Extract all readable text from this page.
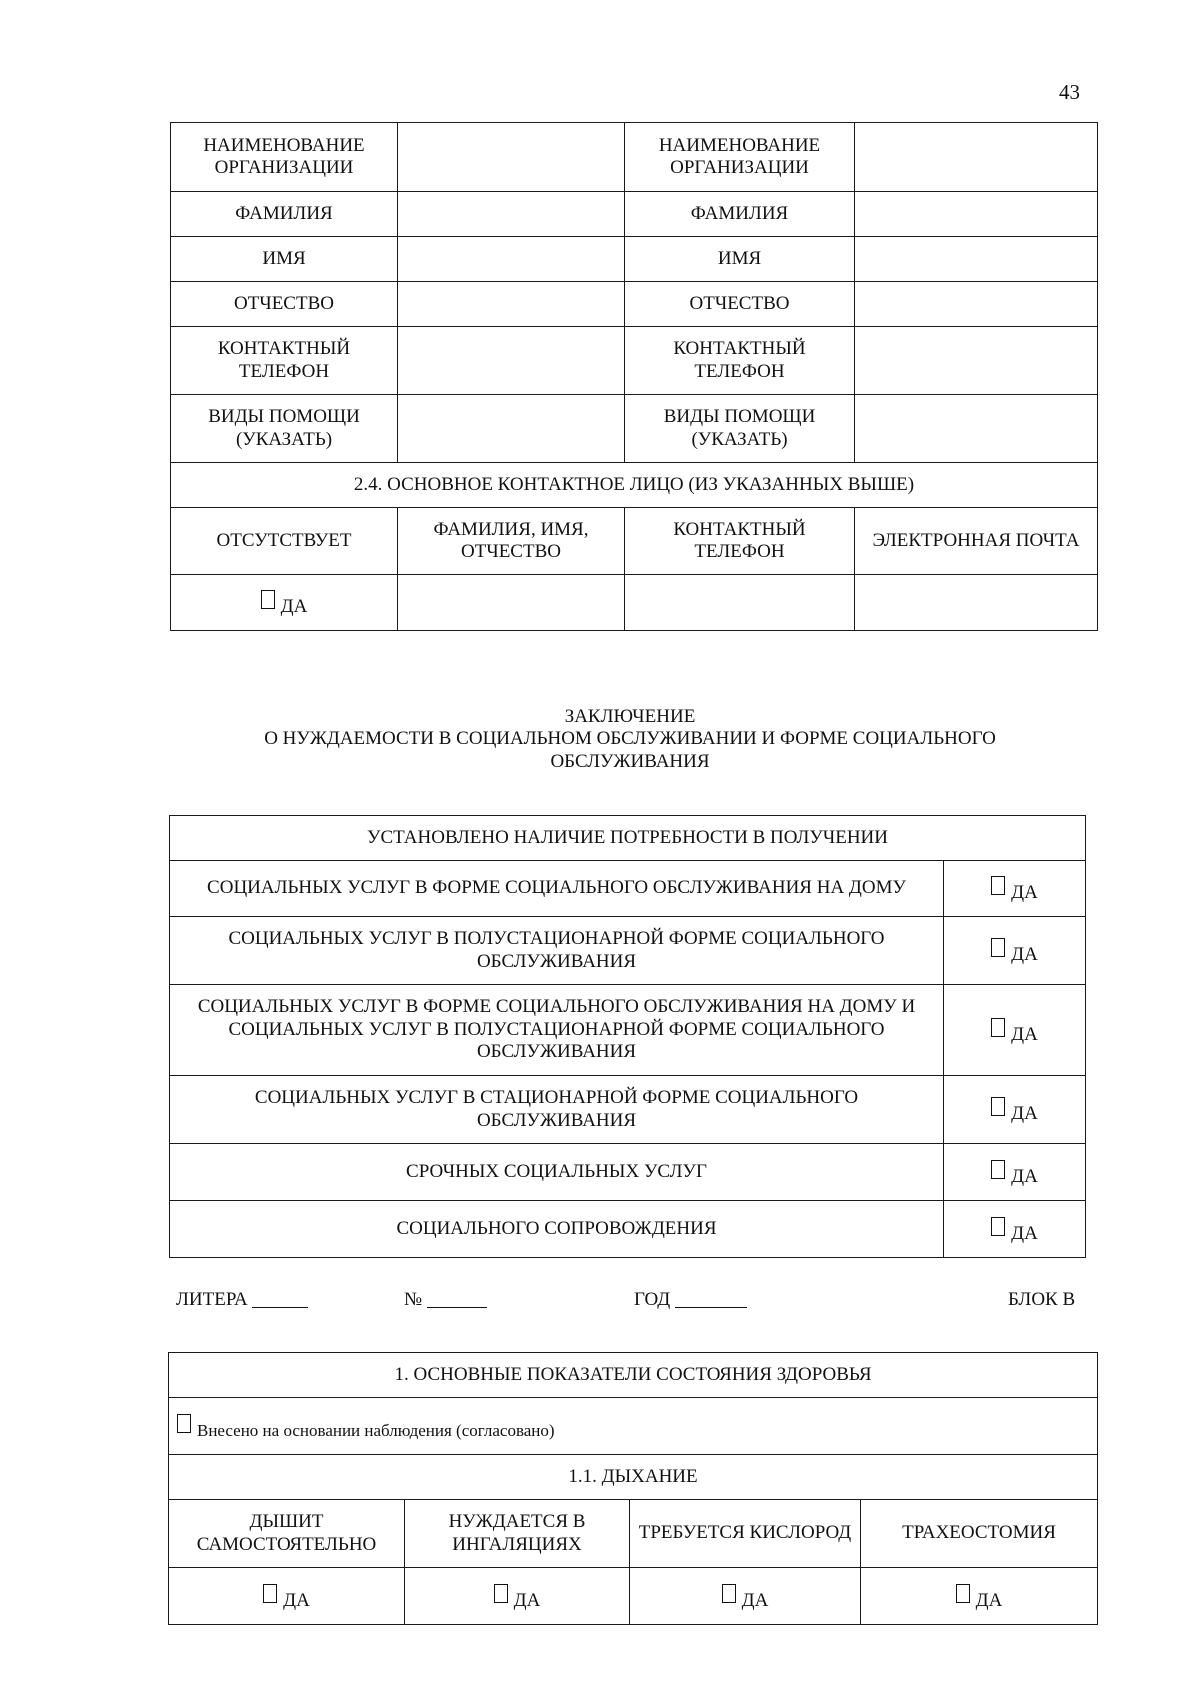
43
НАИМЕНОВАНИЕ ОРГАНИЗАЦИИ		НАИМЕНОВАНИЕ ОРГАНИЗАЦИИ	
ФАМИЛИЯ		ФАМИЛИЯ	
ИМЯ		ИМЯ	
ОТЧЕСТВО		ОТЧЕСТВО	
КОНТАКТНЫЙ ТЕЛЕФОН		КОНТАКТНЫЙ ТЕЛЕФОН	
ВИДЫ ПОМОЩИ (УКАЗАТЬ)		ВИДЫ ПОМОЩИ (УКАЗАТЬ)	
2.4. ОСНОВНОЕ КОНТАКТНОЕ ЛИЦО (ИЗ УКАЗАННЫХ ВЫШЕ)			
ОТСУТСТВУЕТ	ФАМИЛИЯ, ИМЯ, ОТЧЕСТВО	КОНТАКТНЫЙ ТЕЛЕФОН	ЭЛЕКТРОННАЯ ПОЧТА
ДА			
ЗАКЛЮЧЕНИЕ
О НУЖДАЕМОСТИ В СОЦИАЛЬНОМ ОБСЛУЖИВАНИИ И ФОРМЕ СОЦИАЛЬНОГО
ОБСЛУЖИВАНИЯ
УСТАНОВЛЕНО НАЛИЧИЕ ПОТРЕБНОСТИ В ПОЛУЧЕНИИ	
СОЦИАЛЬНЫХ УСЛУГ В ФОРМЕ СОЦИАЛЬНОГО ОБСЛУЖИВАНИЯ НА ДОМУ	ДА
СОЦИАЛЬНЫХ УСЛУГ В ПОЛУСТАЦИОНАРНОЙ ФОРМЕ СОЦИАЛЬНОГО ОБСЛУЖИВАНИЯ	ДА
СОЦИАЛЬНЫХ УСЛУГ В ФОРМЕ СОЦИАЛЬНОГО ОБСЛУЖИВАНИЯ НА ДОМУ И СОЦИАЛЬНЫХ УСЛУГ В ПОЛУСТАЦИОНАРНОЙ ФОРМЕ СОЦИАЛЬНОГО ОБСЛУЖИВАНИЯ	ДА
СОЦИАЛЬНЫХ УСЛУГ В СТАЦИОНАРНОЙ ФОРМЕ СОЦИАЛЬНОГО ОБСЛУЖИВАНИЯ	ДА
СРОЧНЫХ СОЦИАЛЬНЫХ УСЛУГ	ДА
СОЦИАЛЬНОГО СОПРОВОЖДЕНИЯ	ДА
ЛИТЕРА	№	ГОД	БЛОК В
1. ОСНОВНЫЕ ПОКАЗАТЕЛИ СОСТОЯНИЯ ЗДОРОВЬЯ			
Внесено на основании наблюдения (согласовано)			
1.1. ДЫХАНИЕ			
ДЫШИТ САМОСТОЯТЕЛЬНО	НУЖДАЕТСЯ В ИНГАЛЯЦИЯХ	ТРЕБУЕТСЯ КИСЛОРОД	ТРАХЕОСТОМИЯ
ДА	ДА	ДА	ДА
